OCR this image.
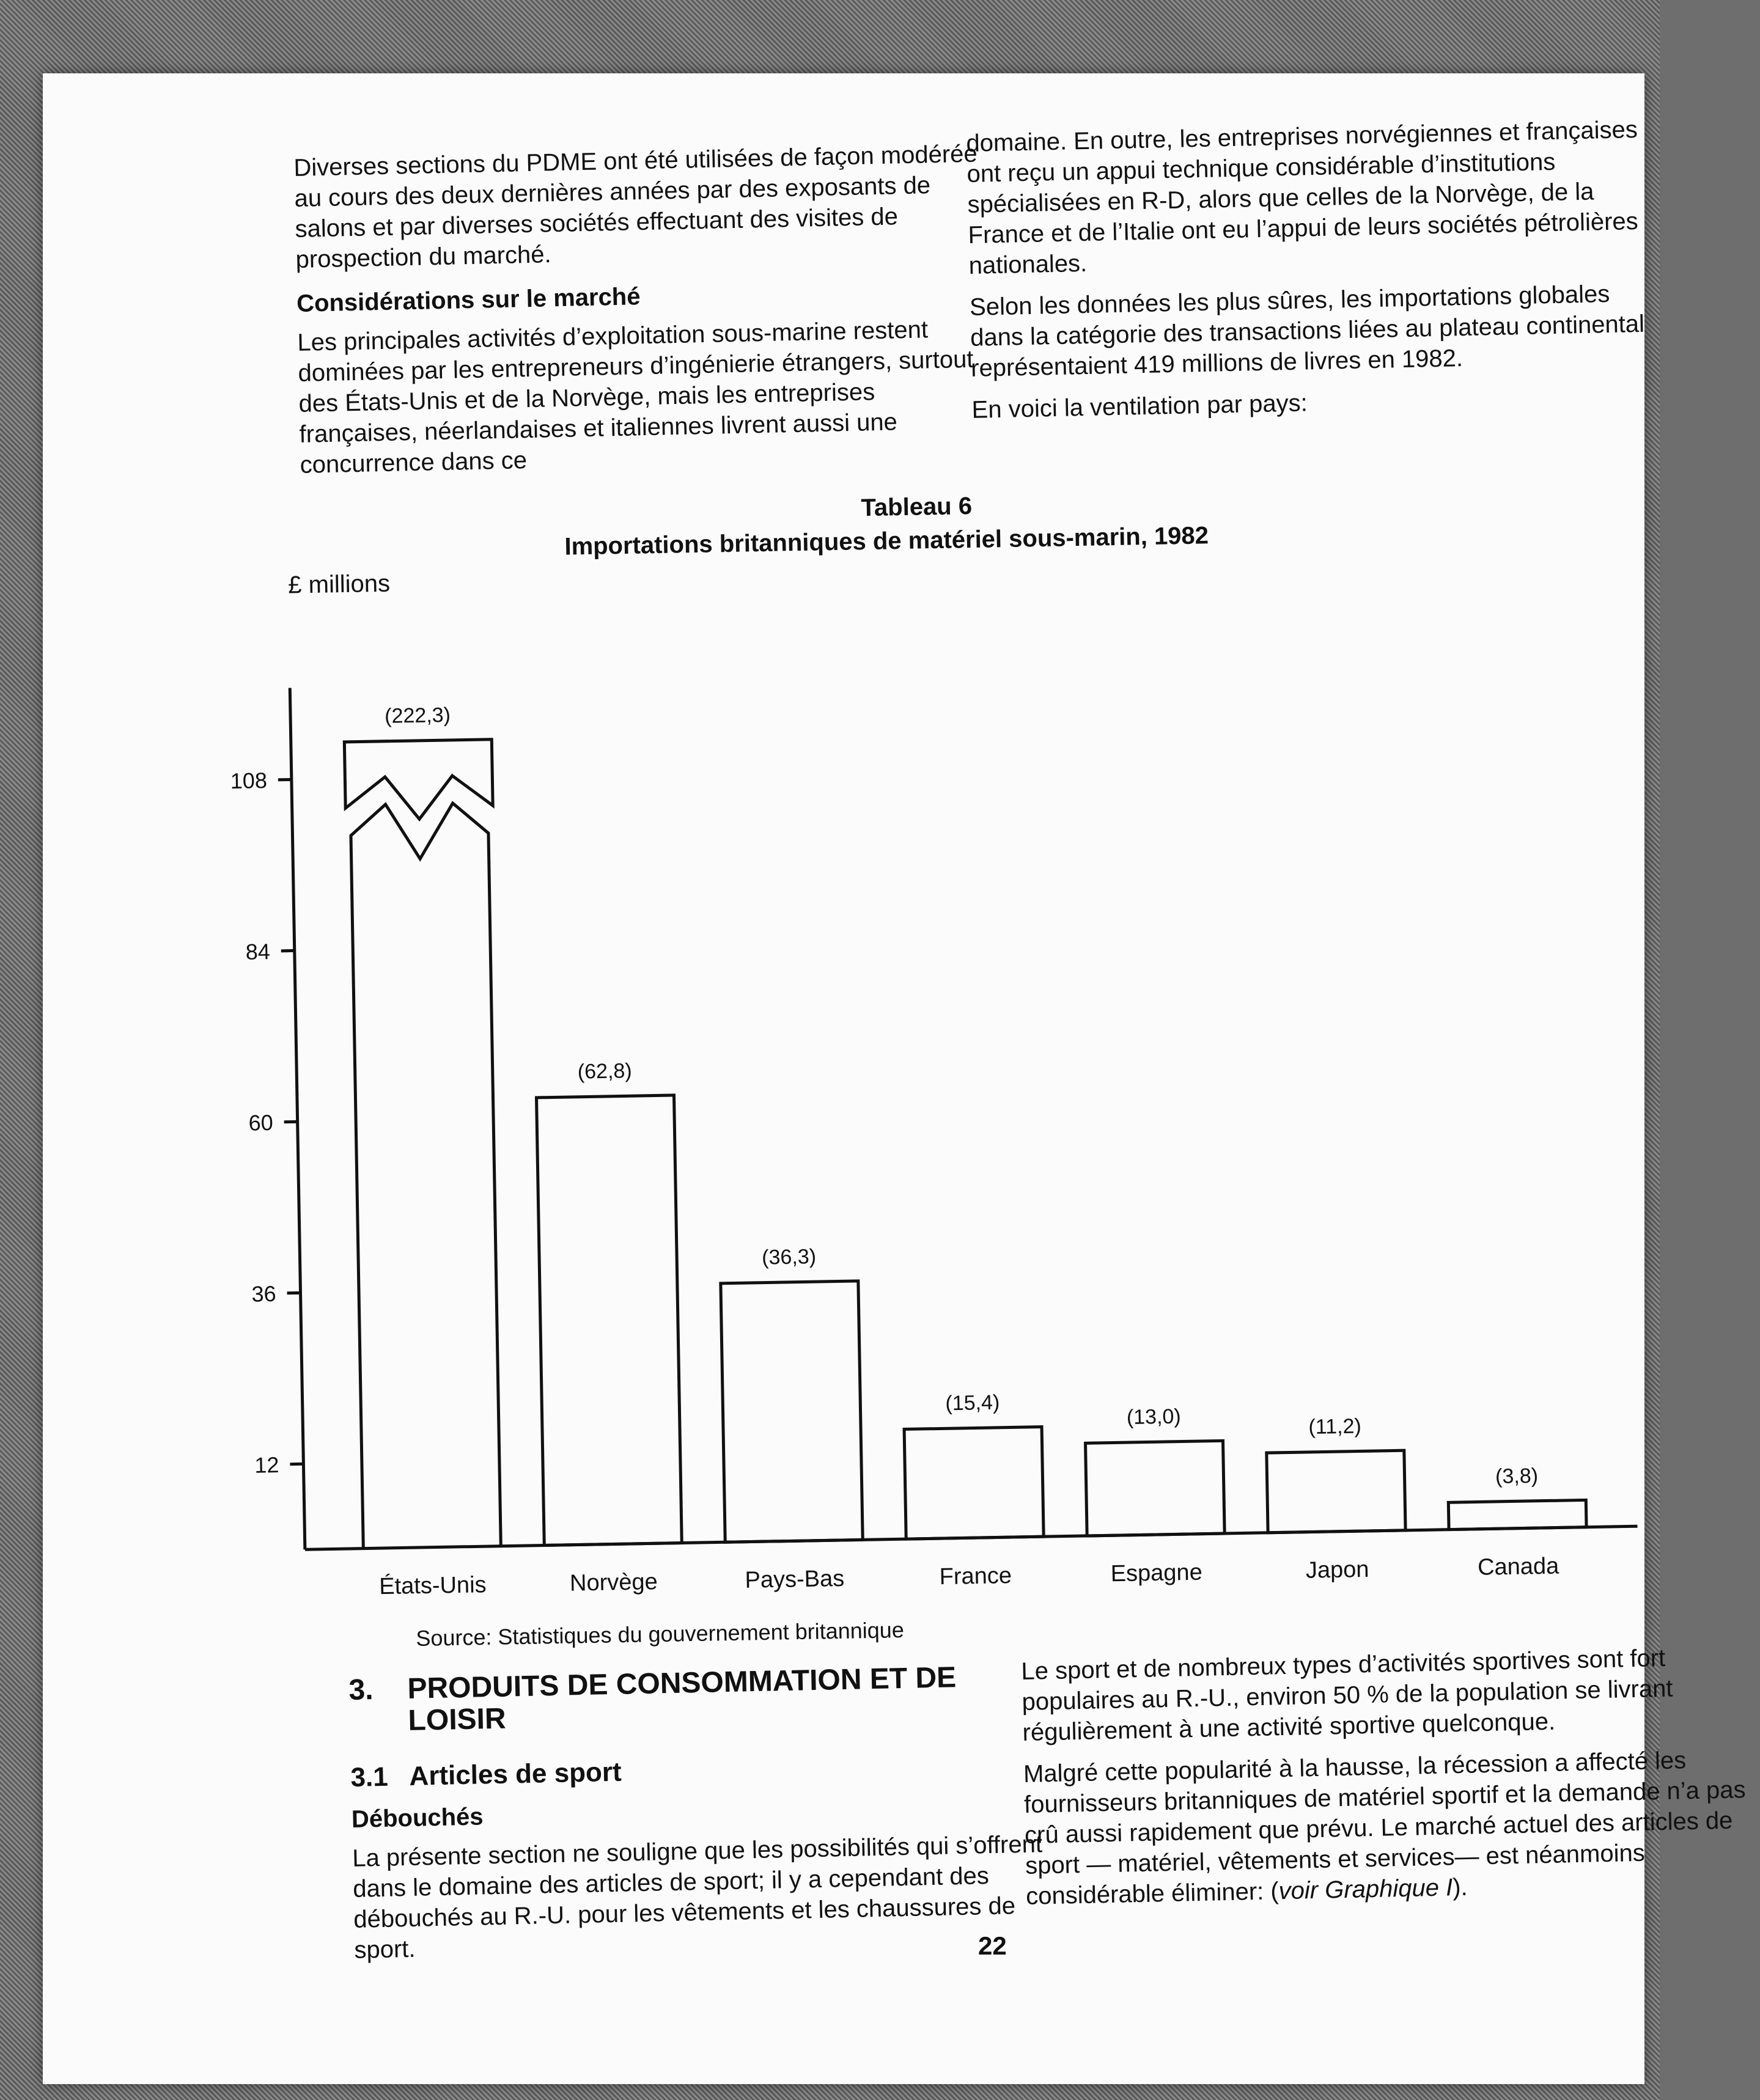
Diverses sections du PDME ont été utilisées de façon modérée au cours des deux dernières années par des exposants de salons et par diverses sociétés effectuant des visites de prospection du marché.

Considérations sur le marché

Les principales activités d’exploitation sous-marine restent dominées par les entrepreneurs d’ingénierie étrangers, surtout des États-Unis et de la Norvège, mais les entreprises françaises, néerlandaises et italiennes livrent aussi une concurrence dans ce

domaine. En outre, les entreprises norvégiennes et françaises ont reçu un appui technique considérable d’institutions spécialisées en R-D, alors que celles de la Norvège, de la France et de l’Italie ont eu l’appui de leurs sociétés pétrolières nationales.

Selon les données les plus sûres, les importations globales dans la catégorie des transactions liées au plateau continental représentaient 419 millions de livres en 1982.

En voici la ventilation par pays:

Tableau 6
Importations britanniques de matériel sous-marin, 1982
£ millions
12
36
60
84
108
(222,3)
États-Unis
(62,8)
Norvège
(36,3)
Pays-Bas
(15,4)
France
(13,0)
Espagne
(11,2)
Japon
(3,8)
Canada
Source: Statistiques du gouvernement britannique
3.	PRODUITS DE CONSOMMATION ET DE LOISIR
3.1 Articles de sport
Débouchés

La présente section ne souligne que les possibilités qui s’offrent dans le domaine des articles de sport; il y a cependant des débouchés au R.-U. pour les vêtements et les chaussures de sport.

Le sport et de nombreux types d’activités sportives sont fort populaires au R.-U., environ 50 % de la population se livrant régulièrement à une activité sportive quelconque.

Malgré cette popularité à la hausse, la récession a affecté les fournisseurs britanniques de matériel sportif et la demande n’a pas crû aussi rapidement que prévu. Le marché actuel des articles de sport — matériel, vêtements et services— est néanmoins considérable éliminer: (voir Graphique I).

22
